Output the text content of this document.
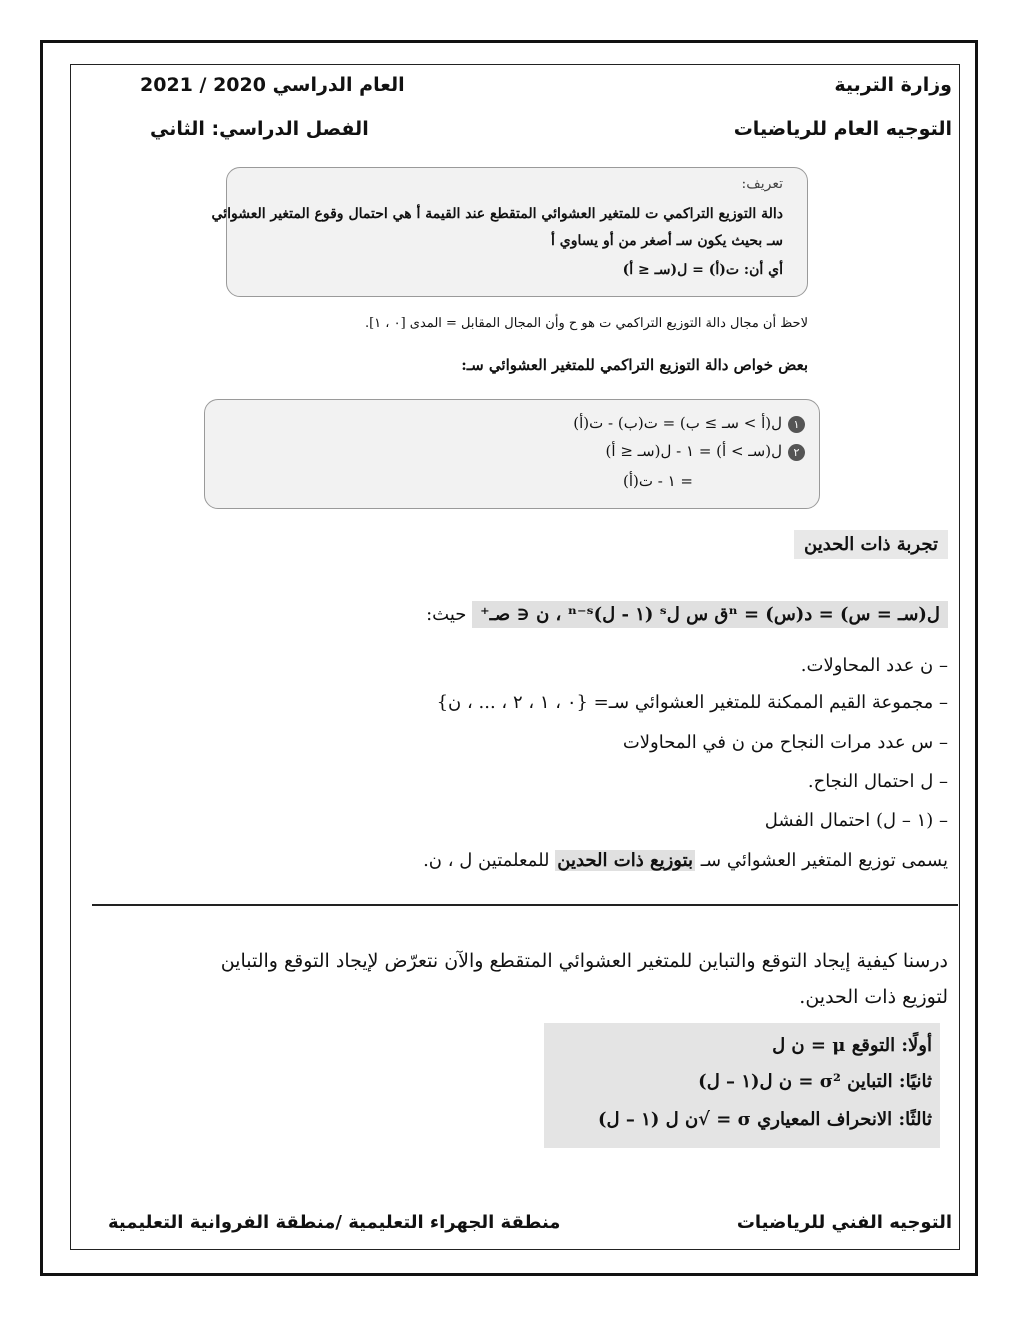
وزارة التربية
التوجيه العام للرياضيات
العام الدراسي 2020 / 2021
الفصل الدراسي: الثاني
تعريف:
دالة التوزيع التراكمي ت للمتغير العشوائي المتقطع عند القيمة أ هي احتمال وقوع المتغير العشوائي
سـ بحيث يكون سـ أصغر من أو يساوي أ
أي أن: ت(أ) = ل(سـ ≤ أ)
لاحظ أن مجال دالة التوزيع التراكمي ت هو ح وأن المجال المقابل = المدى [٠ ، ١].
بعض خواص دالة التوزيع التراكمي للمتغير العشوائي سـ:
١ل(أ > سـ ≥ ب) = ت(ب) - ت(أ)
٢ل(سـ > أ) = ١ - ل(سـ ≤ أ)
= ١ - ت(أ)
تجربة ذات الحدين
ل(سـ = س) = د(س) = ⁿق س لˢ (١ - ل)ⁿ⁻ˢ ، ن ∈ صـ⁺ حيث:
– ن عدد المحاولات.
– مجموعة القيم الممكنة للمتغير العشوائي سـ= {٠ ، ١ ، ٢ ، ... ، ن}
– س عدد مرات النجاح من ن في المحاولات
– ل احتمال النجاح.
– (١ – ل) احتمال الفشل
يسمى توزيع المتغير العشوائي سـ بتوزيع ذات الحدين للمعلمتين ل ، ن.
درسنا كيفية إيجاد التوقع والتباين للمتغير العشوائي المتقطع والآن نتعرّض لإيجاد التوقع والتباين
لتوزيع ذات الحدين.
أولًا: التوقع μ = ن ل
ثانيًا: التباين σ² = ن ل(١ – ل)
ثالثًا: الانحراف المعياري σ = √ن ل (١ – ل)
التوجيه الفني للرياضيات
منطقة الجهراء التعليمية /منطقة الفروانية التعليمية
